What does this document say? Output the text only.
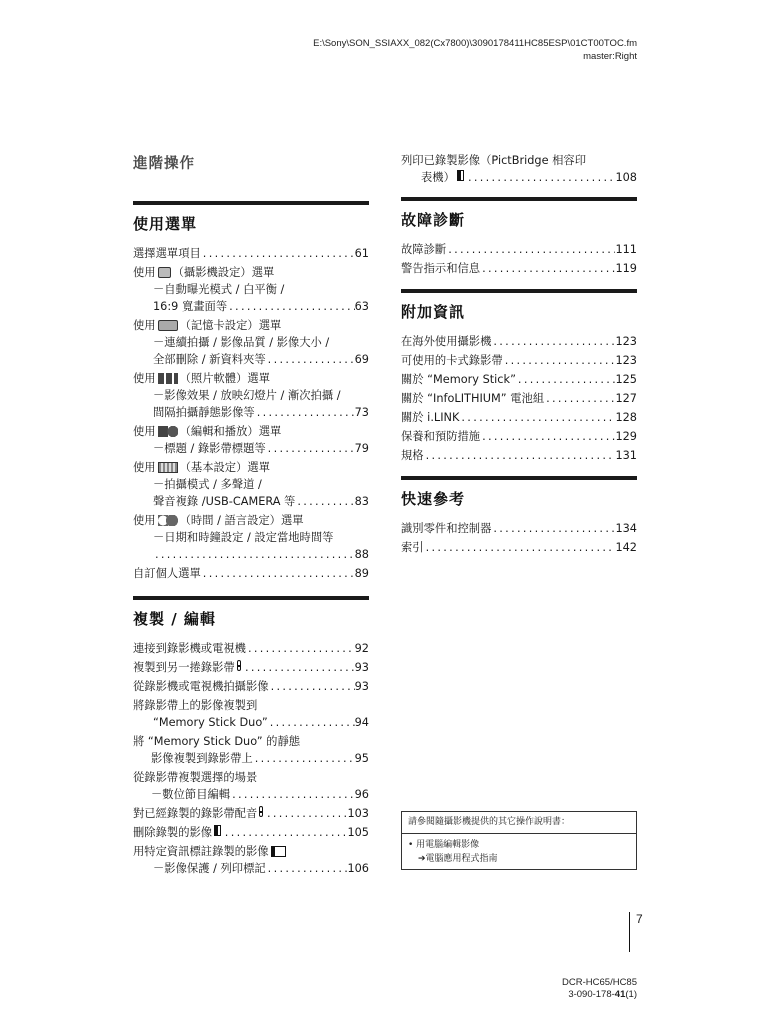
E:\Sony\SON_SSIAXX_082(Cx7800)\3090178411HC85ESP\01CT00TOC.fm
master:Right
進階操作
使用選單
選擇選單項目 .....	61
使用 （攝影機設定）選單
－自動曝光模式 / 白平衡 /
16:9 寬畫面等 .....	63
使用 （記憶卡設定）選單
－連續拍攝 / 影像品質 / 影像大小 /
全部刪除 / 新資料夾等 .....	69
使用 （照片軟體）選單
－影像效果 / 放映幻燈片 / 漸次拍攝 /
間隔拍攝靜態影像等 .....	73
使用 （編輯和播放）選單
－標題 / 錄影帶標題等 .....	79
使用 （基本設定）選單
－拍攝模式 / 多聲道 /
聲音複錄 /USB-CAMERA 等 .....	83
使用 （時間 / 語言設定）選單
－日期和時鐘設定 / 設定當地時間等
.....
88
自訂個人選單 .....	89
複製 / 編輯
連接到錄影機或電視機 .....	92
複製到另一捲錄影帶 .....	93
從錄影機或電視機拍攝影像 .....	93
將錄影帶上的影像複製到
“Memory Stick Duo” .....	94
將 “Memory Stick Duo” 的靜態
影像複製到錄影帶上 .....	95
從錄影帶複製選擇的場景
－數位節目編輯 .....	96
對已經錄製的錄影帶配音 .....	103
刪除錄製的影像 .....	105
用特定資訊標註錄製的影像
－影像保護 / 列印標記 .....	106
列印已錄製影像（PictBridge 相容印
表機） .....	108
故障診斷
故障診斷 .....	111
警告指示和信息 .....	119
附加資訊
在海外使用攝影機 .....	123
可使用的卡式錄影帶 .....	123
關於 “Memory Stick” .....	125
關於 “InfoLITHIUM” 電池組 .....	127
關於 i.LINK .....	128
保養和預防措施 .....	129
規格 .....	131
快速參考
識別零件和控制器 .....	134
索引 .....	142
請參閱隨攝影機提供的其它操作說明書：
• 用電腦編輯影像
➔電腦應用程式指南
7
DCR-HC65/HC85
3-090-178-41(1)
